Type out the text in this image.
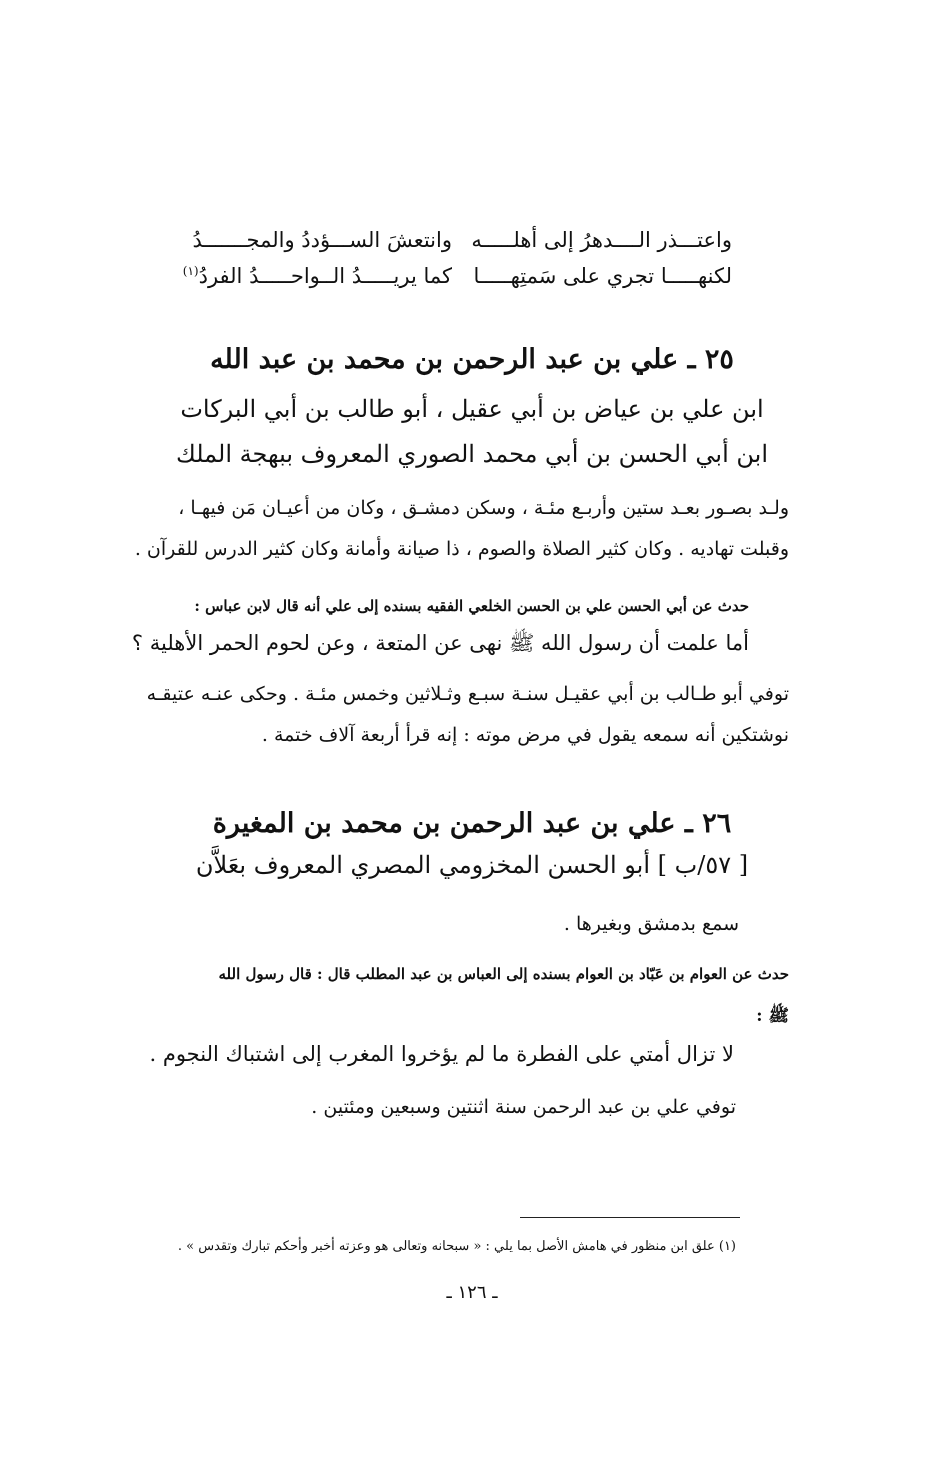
واعتـــذر الــــدهرُ إلى أهلـــــه
وانتعشَ الســـؤددُ والمجـــــــدُ
لكنهـــــا تجري على سَمتِهـــــا
كما يريـــــدُ الــواحـــــدُ الفردُ$^{(١)}$
٢٥ ـ علي بن عبد الرحمن بن محمد بن عبد الله
ابن علي بن عياض بن أبي عقيل ، أبو طالب بن أبي البركات
ابن أبي الحسن بن أبي محمد الصوري المعروف ببهجة الملك
ولـد بصـور بعـد ستين وأربـع مئـة ، وسكن دمشـق ، وكان من أعيـان مَن فيهـا ،
وقبلت تهاديه . وكان كثير الصلاة والصوم ، ذا صيانة وأمانة وكان كثير الدرس للقرآن .
حدث عن أبي الحسن علي بن الحسن الخلعي الفقيه بسنده إلى علي أنه قال لابن عباس :
أما علمت أن رسول الله ﷺ نهى عن المتعة ، وعن لحوم الحمر الأهلية ؟
توفي أبو طـالب بن أبي عقيـل سنـة سبـع وثـلاثين وخمس مئـة . وحكى عنـه عتيقـه
نوشتكين أنه سمعه يقول في مرض موته : إنه قرأ أربعة آلاف ختمة .
٢٦ ـ علي بن عبد الرحمن بن محمد بن المغيرة
[ ٥٧/ب ] أبو الحسن المخزومي المصري المعروف بعَلاَّن
سمع بدمشق وبغيرها .
حدث عن العوام بن عَبّاد بن العوام بسنده إلى العباس بن عبد المطلب قال : قال رسول الله
ﷺ :
لا تزال أمتي على الفطرة ما لم يؤخروا المغرب إلى اشتباك النجوم .
توفي علي بن عبد الرحمن سنة اثنتين وسبعين ومئتين .
(١) علق ابن منظور في هامش الأصل بما يلي : « سبحانه وتعالى هو وعزته أخبر وأحكم تبارك وتقدس » .
ـ ١٢٦ ـ
